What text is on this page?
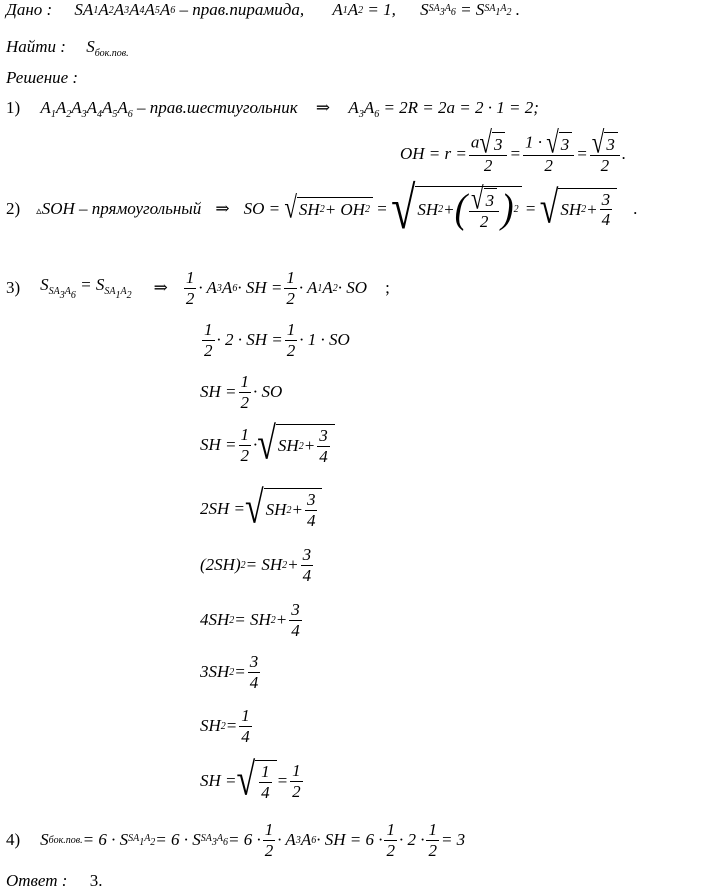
Дано : SA 1 A 2 A 3 A 4 A 5 A 6
– прав.пирамида, A 1 A 2 = 1, S $SA_3A_6 = S$ $SA_1A_2$ .
Найти : $S_{бок.пов.}$
Решение :
1) $A_1A_2A_3A_4A_5A_6$ – прав.шестиугольник ⇒ $A_3A_6 = 2R = 2a = 2 \cdot 1 = 2$;
OH = $r = \frac{a √ 3}{2} = \frac{1 \cdot √ 3}{2} = \frac{√ 3}{2}$ .
2) ▵SOH – прямоугольный ⇒ SO = √ SH 2 + OH 2 = √ SH 2 + ( $\frac{√ 3}{2}$ ) 2 = √ SH $2 + \frac{3}{4}$ .
3) $S_{SA_3A_6} = S_{SA_1A_2}$ ⇒ $\frac{1}{2} \cdot A$ 3 A 6 · SH = $\frac{1}{2} \cdot A$ 1 A 2 · SO ;
$\frac{1}{2} \cdot 2$ · SH = $\frac{1}{2} \cdot 1$ · SO
SH = $\frac{1}{2}$ · SO
SH = $\frac{1}{2}$ · √ SH $2 + \frac{3}{4}$
2SH = √ SH $2 + \frac{3}{4}$
(2SH) 2 = SH $2 + \frac{3}{4}$
4SH 2 = SH $2 + \frac{3}{4}$
3SH $2 = \frac{3}{4}$
SH $2 = \frac{1}{4}$
SH = √ $\frac{1}{4} = \frac{1}{2}$
4) S бок.пов. = 6 · S $SA_1A_2 = 6 \cdot S$ $SA_3A_6 = 6 \cdot \frac{1}{2} \cdot A$ 3 A 6 · SH = $6 \cdot \frac{1}{2} \cdot 2 \cdot \frac{1}{2} = 3$
Ответ : 3.
